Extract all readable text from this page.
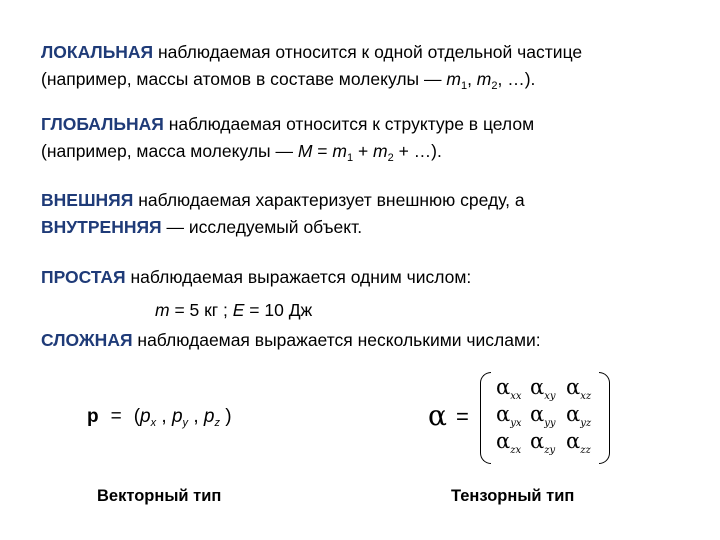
ЛОКАЛЬНАЯ наблюдаемая относится к одной отдельной частице
(например, массы атомов в составе молекулы — $m_1$, $m_2$, …).
ГЛОБАЛЬНАЯ наблюдаемая относится к структуре в целом
(например, масса молекулы — $M = m_1 + m_2$ + …).
ВНЕШНЯЯ наблюдаемая характеризует внешнюю среду, а
ВНУТРЕННЯЯ — исследуемый объект.
ПРОСТАЯ наблюдаемая выражается одним числом:
m = 5 кг ; E = 10 Дж
СЛОЖНАЯ наблюдаемая выражается несколькими числами:
$p = (p_x$ , $p_y$ , $p_z$ )	α =
$\alpha_{xx}$ $\alpha_{xy}$ $\alpha_{xz}$
$\alpha_{yx}$ $\alpha_{yy}$ $\alpha_{yz}$
$\alpha_{zx}$ $\alpha_{zy}$ $\alpha_{zz}$
Векторный тип	Тензорный тип
